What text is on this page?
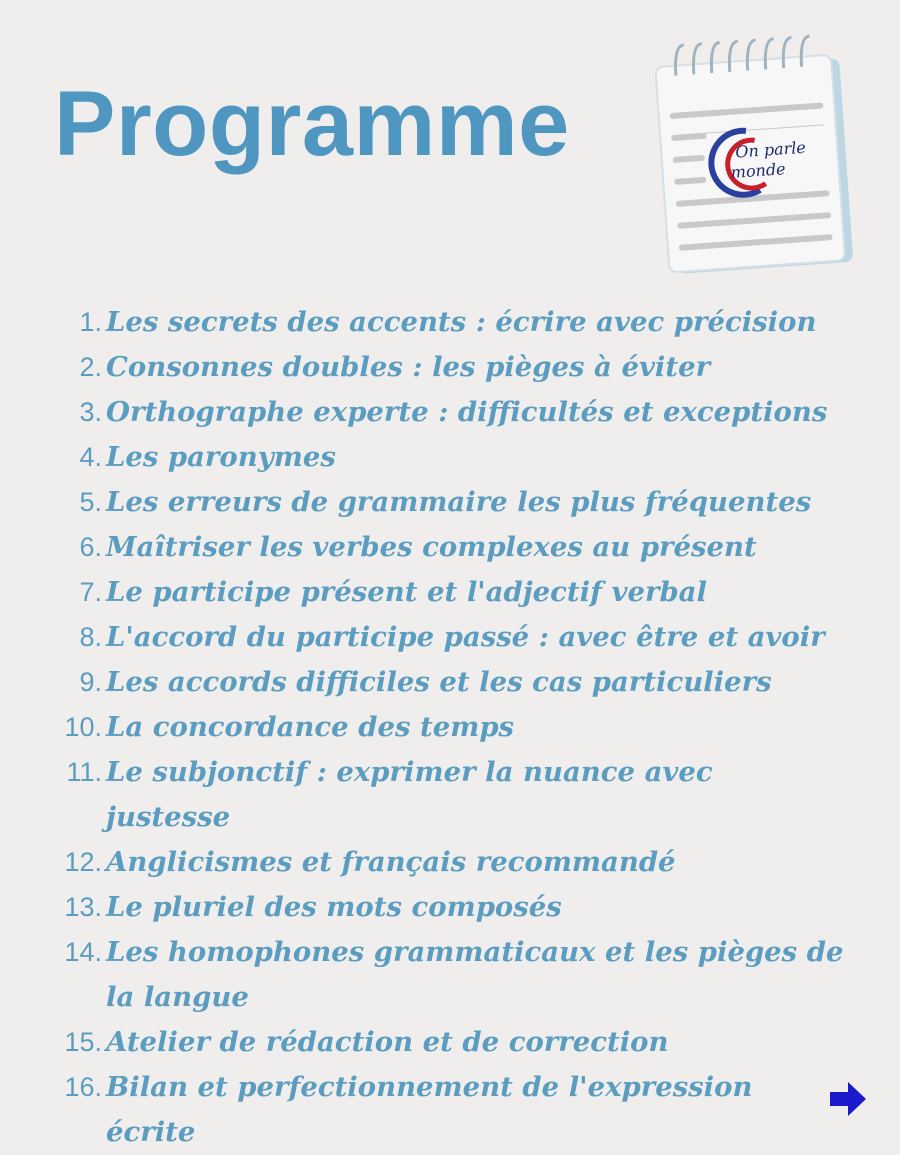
Programme	On parle
monde
1. Les secrets des accents : écrire avec précision
2. Consonnes doubles : les pièges à éviter
3. Orthographe experte : difficultés et exceptions
4. Les paronymes
5. Les erreurs de grammaire les plus fréquentes
6. Maîtriser les verbes complexes au présent
7. Le participe présent et l'adjectif verbal
8. L'accord du participe passé : avec être et avoir
9. Les accords difficiles et les cas particuliers
10. La concordance des temps
11. Le subjonctif : exprimer la nuance avec justesse
12. Anglicismes et français recommandé
13. Le pluriel des mots composés
14. Les homophones grammaticaux et les pièges de la langue
15. Atelier de rédaction et de correction
16. Bilan et perfectionnement de l'expression écrite
